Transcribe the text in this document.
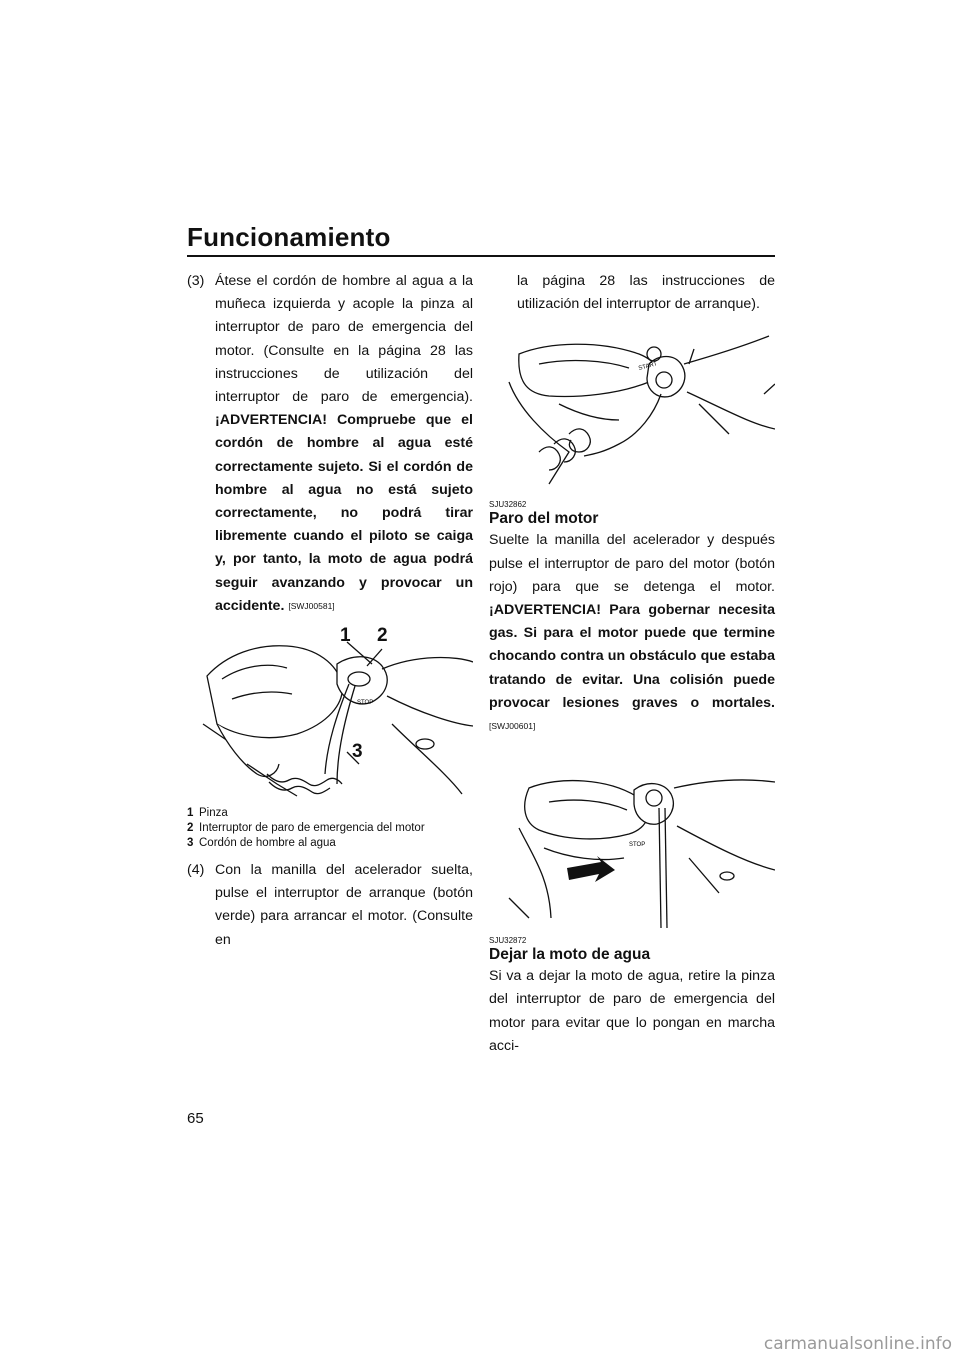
Funcionamiento
(3) Átese el cordón de hombre al agua a la muñeca izquierda y acople la pinza al interruptor de paro de emergencia del motor. (Consulte en la página 28 las instrucciones de utilización del interruptor de paro de emergencia). ¡ADVERTENCIA! Compruebe que el cordón de hombre al agua esté correctamente sujeto. Si el cordón de hombre al agua no está sujeto correctamente, no podrá tirar libremente cuando el piloto se caiga y, por tanto, la moto de agua podrá seguir avanzando y provocar un accidente. [SWJ00581]
STOP
1 2
3
1 Pinza
2 Interruptor de paro de emergencia del motor
3 Cordón de hombre al agua
(4) Con la manilla del acelerador suelta, pulse el interruptor de arranque (botón verde) para arrancar el motor. (Consulte en
la página 28 las instrucciones de utilización del interruptor de arranque).
START
SJU32862
Paro del motor
Suelte la manilla del acelerador y después pulse el interruptor de paro del motor (botón rojo) para que se detenga el motor. ¡ADVERTENCIA! Para gobernar necesita gas. Si para el motor puede que termine chocando contra un obstáculo que estaba tratando de evitar. Una colisión puede provocar lesiones graves o mortales. [SWJ00601]
STOP
SJU32872
Dejar la moto de agua
Si va a dejar la moto de agua, retire la pinza del interruptor de paro de emergencia del motor para evitar que lo pongan en marcha acci-
65
carmanualsonline.info
